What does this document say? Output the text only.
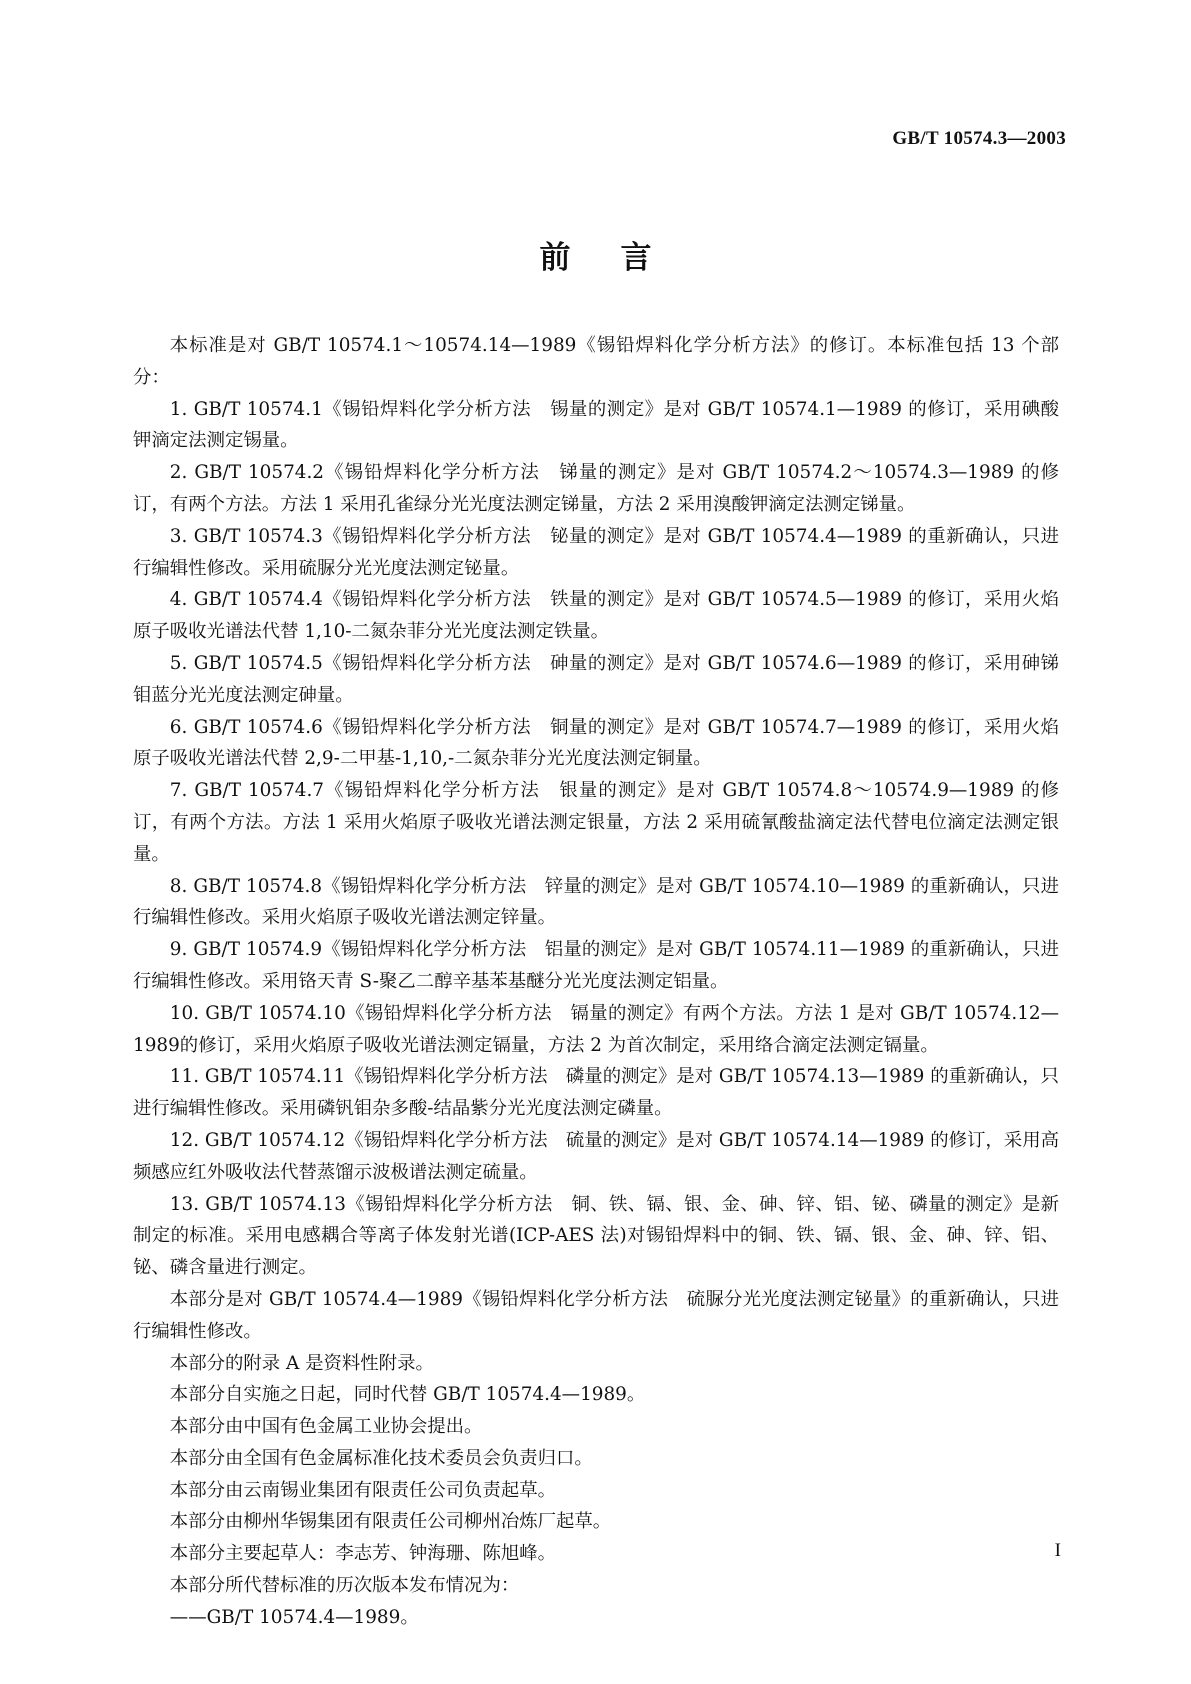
GB/T 10574.3—2003
前言

本标准是对 GB/T 10574.1～10574.14—1989《锡铅焊料化学分析方法》的修订。本标准包括 13 个部分：

1. GB/T 10574.1《锡铅焊料化学分析方法　锡量的测定》是对 GB/T 10574.1—1989 的修订，采用碘酸钾滴定法测定锡量。

2. GB/T 10574.2《锡铅焊料化学分析方法　锑量的测定》是对 GB/T 10574.2～10574.3—1989 的修订，有两个方法。方法 1 采用孔雀绿分光光度法测定锑量，方法 2 采用溴酸钾滴定法测定锑量。

3. GB/T 10574.3《锡铅焊料化学分析方法　铋量的测定》是对 GB/T 10574.4—1989 的重新确认，只进行编辑性修改。采用硫脲分光光度法测定铋量。

4. GB/T 10574.4《锡铅焊料化学分析方法　铁量的测定》是对 GB/T 10574.5—1989 的修订，采用火焰原子吸收光谱法代替 1,10-二氮杂菲分光光度法测定铁量。

5. GB/T 10574.5《锡铅焊料化学分析方法　砷量的测定》是对 GB/T 10574.6—1989 的修订，采用砷锑钼蓝分光光度法测定砷量。

6. GB/T 10574.6《锡铅焊料化学分析方法　铜量的测定》是对 GB/T 10574.7—1989 的修订，采用火焰原子吸收光谱法代替 2,9-二甲基-1,10,-二氮杂菲分光光度法测定铜量。

7. GB/T 10574.7《锡铅焊料化学分析方法　银量的测定》是对 GB/T 10574.8～10574.9—1989 的修订，有两个方法。方法 1 采用火焰原子吸收光谱法测定银量，方法 2 采用硫氰酸盐滴定法代替电位滴定法测定银量。

8. GB/T 10574.8《锡铅焊料化学分析方法　锌量的测定》是对 GB/T 10574.10—1989 的重新确认，只进行编辑性修改。采用火焰原子吸收光谱法测定锌量。

9. GB/T 10574.9《锡铅焊料化学分析方法　铝量的测定》是对 GB/T 10574.11—1989 的重新确认，只进行编辑性修改。采用铬天青 S-聚乙二醇辛基苯基醚分光光度法测定铝量。

10. GB/T 10574.10《锡铅焊料化学分析方法　镉量的测定》有两个方法。方法 1 是对 GB/T 10574.12—1989的修订，采用火焰原子吸收光谱法测定镉量，方法 2 为首次制定，采用络合滴定法测定镉量。

11. GB/T 10574.11《锡铅焊料化学分析方法　磷量的测定》是对 GB/T 10574.13—1989 的重新确认，只进行编辑性修改。采用磷钒钼杂多酸-结晶紫分光光度法测定磷量。

12. GB/T 10574.12《锡铅焊料化学分析方法　硫量的测定》是对 GB/T 10574.14—1989 的修订，采用高频感应红外吸收法代替蒸馏示波极谱法测定硫量。

13. GB/T 10574.13《锡铅焊料化学分析方法　铜、铁、镉、银、金、砷、锌、铝、铋、磷量的测定》是新制定的标准。采用电感耦合等离子体发射光谱(ICP-AES 法)对锡铅焊料中的铜、铁、镉、银、金、砷、锌、铝、铋、磷含量进行测定。

本部分是对 GB/T 10574.4—1989《锡铅焊料化学分析方法　硫脲分光光度法测定铋量》的重新确认，只进行编辑性修改。

本部分的附录 A 是资料性附录。

本部分自实施之日起，同时代替 GB/T 10574.4—1989。

本部分由中国有色金属工业协会提出。

本部分由全国有色金属标准化技术委员会负责归口。

本部分由云南锡业集团有限责任公司负责起草。

本部分由柳州华锡集团有限责任公司柳州冶炼厂起草。

本部分主要起草人：李志芳、钟海珊、陈旭峰。

本部分所代替标准的历次版本发布情况为：

——GB/T 10574.4—1989。

I
